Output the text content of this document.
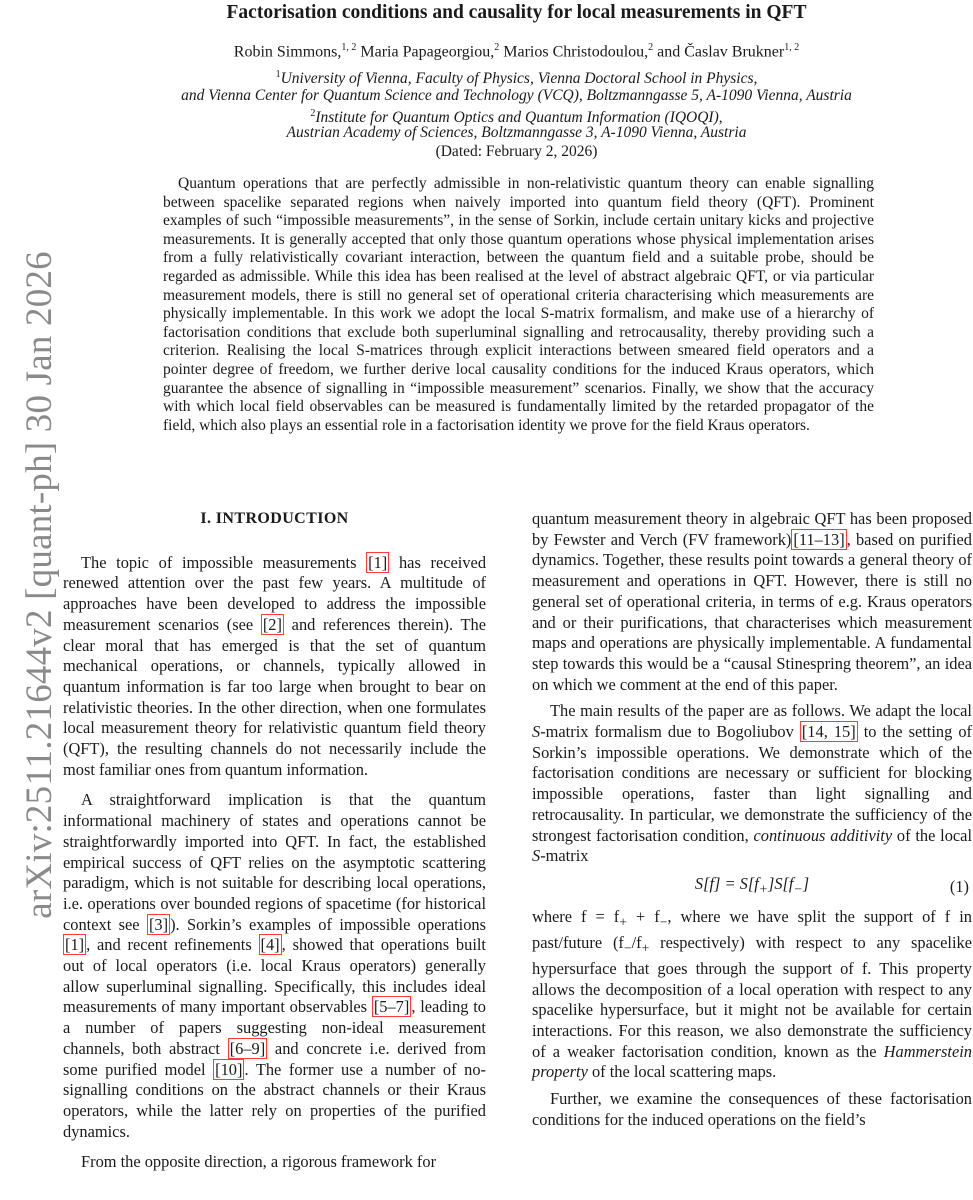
arXiv:2511.21644v2 [quant-ph] 30 Jan 2026
Factorisation conditions and causality for local measurements in QFT
Robin Simmons,$^{1, 2}$ Maria Papageorgiou,$^2$ Marios Christodoulou,$^2$ and Časlav Brukner$^{1, 2}$
$^1$University of Vienna, Faculty of Physics, Vienna Doctoral School in Physics,
and Vienna Center for Quantum Science and Technology (VCQ), Boltzmanngasse 5, A-1090 Vienna, Austria
$^2$Institute for Quantum Optics and Quantum Information (IQOQI),
Austrian Academy of Sciences, Boltzmanngasse 3, A-1090 Vienna, Austria
(Dated: February 2, 2026)
Quantum operations that are perfectly admissible in non-relativistic quantum theory can enable signalling between spacelike separated regions when naively imported into quantum field theory (QFT). Prominent examples of such “impossible measurements”, in the sense of Sorkin, include certain unitary kicks and projective measurements. It is generally accepted that only those quantum operations whose physical implementation arises from a fully relativistically covariant interaction, between the quantum field and a suitable probe, should be regarded as admissible. While this idea has been realised at the level of abstract algebraic QFT, or via particular measurement models, there is still no general set of operational criteria characterising which measurements are physically implementable. In this work we adopt the local S-matrix formalism, and make use of a hierarchy of factorisation conditions that exclude both superluminal signalling and retrocausality, thereby providing such a criterion. Realising the local S-matrices through explicit interactions between smeared field operators and a pointer degree of freedom, we further derive local causality conditions for the induced Kraus operators, which guarantee the absence of signalling in “impossible measurement” scenarios. Finally, we show that the accuracy with which local field observables can be measured is fundamentally limited by the retarded propagator of the field, which also plays an essential role in a factorisation identity we prove for the field Kraus operators.
I. INTRODUCTION

The topic of impossible measurements [1] has received renewed attention over the past few years. A multitude of approaches have been developed to address the impossible measurement scenarios (see [2] and references therein). The clear moral that has emerged is that the set of quantum mechanical operations, or channels, typically allowed in quantum information is far too large when brought to bear on relativistic theories. In the other direction, when one formulates local measurement theory for relativistic quantum field theory (QFT), the resulting channels do not necessarily include the most familiar ones from quantum information.

A straightforward implication is that the quantum informational machinery of states and operations cannot be straightforwardly imported into QFT. In fact, the established empirical success of QFT relies on the asymptotic scattering paradigm, which is not suitable for describing local operations, i.e. operations over bounded regions of spacetime (for historical context see [3] ). Sorkin’s examples of impossible operations [1] , and recent refinements [4] , showed that operations built out of local operators (i.e. local Kraus operators) generally allow superluminal signalling. Specifically, this includes ideal measurements of many important observables [5–7] , leading to a number of papers suggesting non-ideal measurement channels, both abstract [6–9] and concrete i.e. derived from some purified model [10] . The former use a number of no-signalling conditions on the abstract channels or their Kraus operators, while the latter rely on properties of the purified dynamics.

From the opposite direction, a rigorous framework for

quantum measurement theory in algebraic QFT has been proposed by Fewster and Verch (FV framework) [11–13] , based on purified dynamics. Together, these results point towards a general theory of measurement and operations in QFT. However, there is still no general set of operational criteria, in terms of e.g. Kraus operators and or their purifications, that characterises which measurement maps and operations are physically implementable. A fundamental step towards this would be a “causal Stinespring theorem”, an idea on which we comment at the end of this paper.

The main results of the paper are as follows. We adapt the local S-matrix formalism due to Bogoliubov [14, 15] to the setting of Sorkin’s impossible operations. We demonstrate which of the factorisation conditions are necessary or sufficient for blocking impossible operations, faster than light signalling and retrocausality. In particular, we demonstrate the sufficiency of the strongest factorisation condition, continuous additivity of the local S-matrix

$S[f] = S[f_+]S[f_-]$	(1)

where $f = f_+ + f_-$, where we have split the support of f in past/future ($f_-/f_+$ respectively) with respect to any spacelike hypersurface that goes through the support of f. This property allows the decomposition of a local operation with respect to any spacelike hypersurface, but it might not be available for certain interactions. For this reason, we also demonstrate the sufficiency of a weaker factorisation condition, known as the Hammerstein property of the local scattering maps.

Further, we examine the consequences of these factorisation conditions for the induced operations on the field’s
